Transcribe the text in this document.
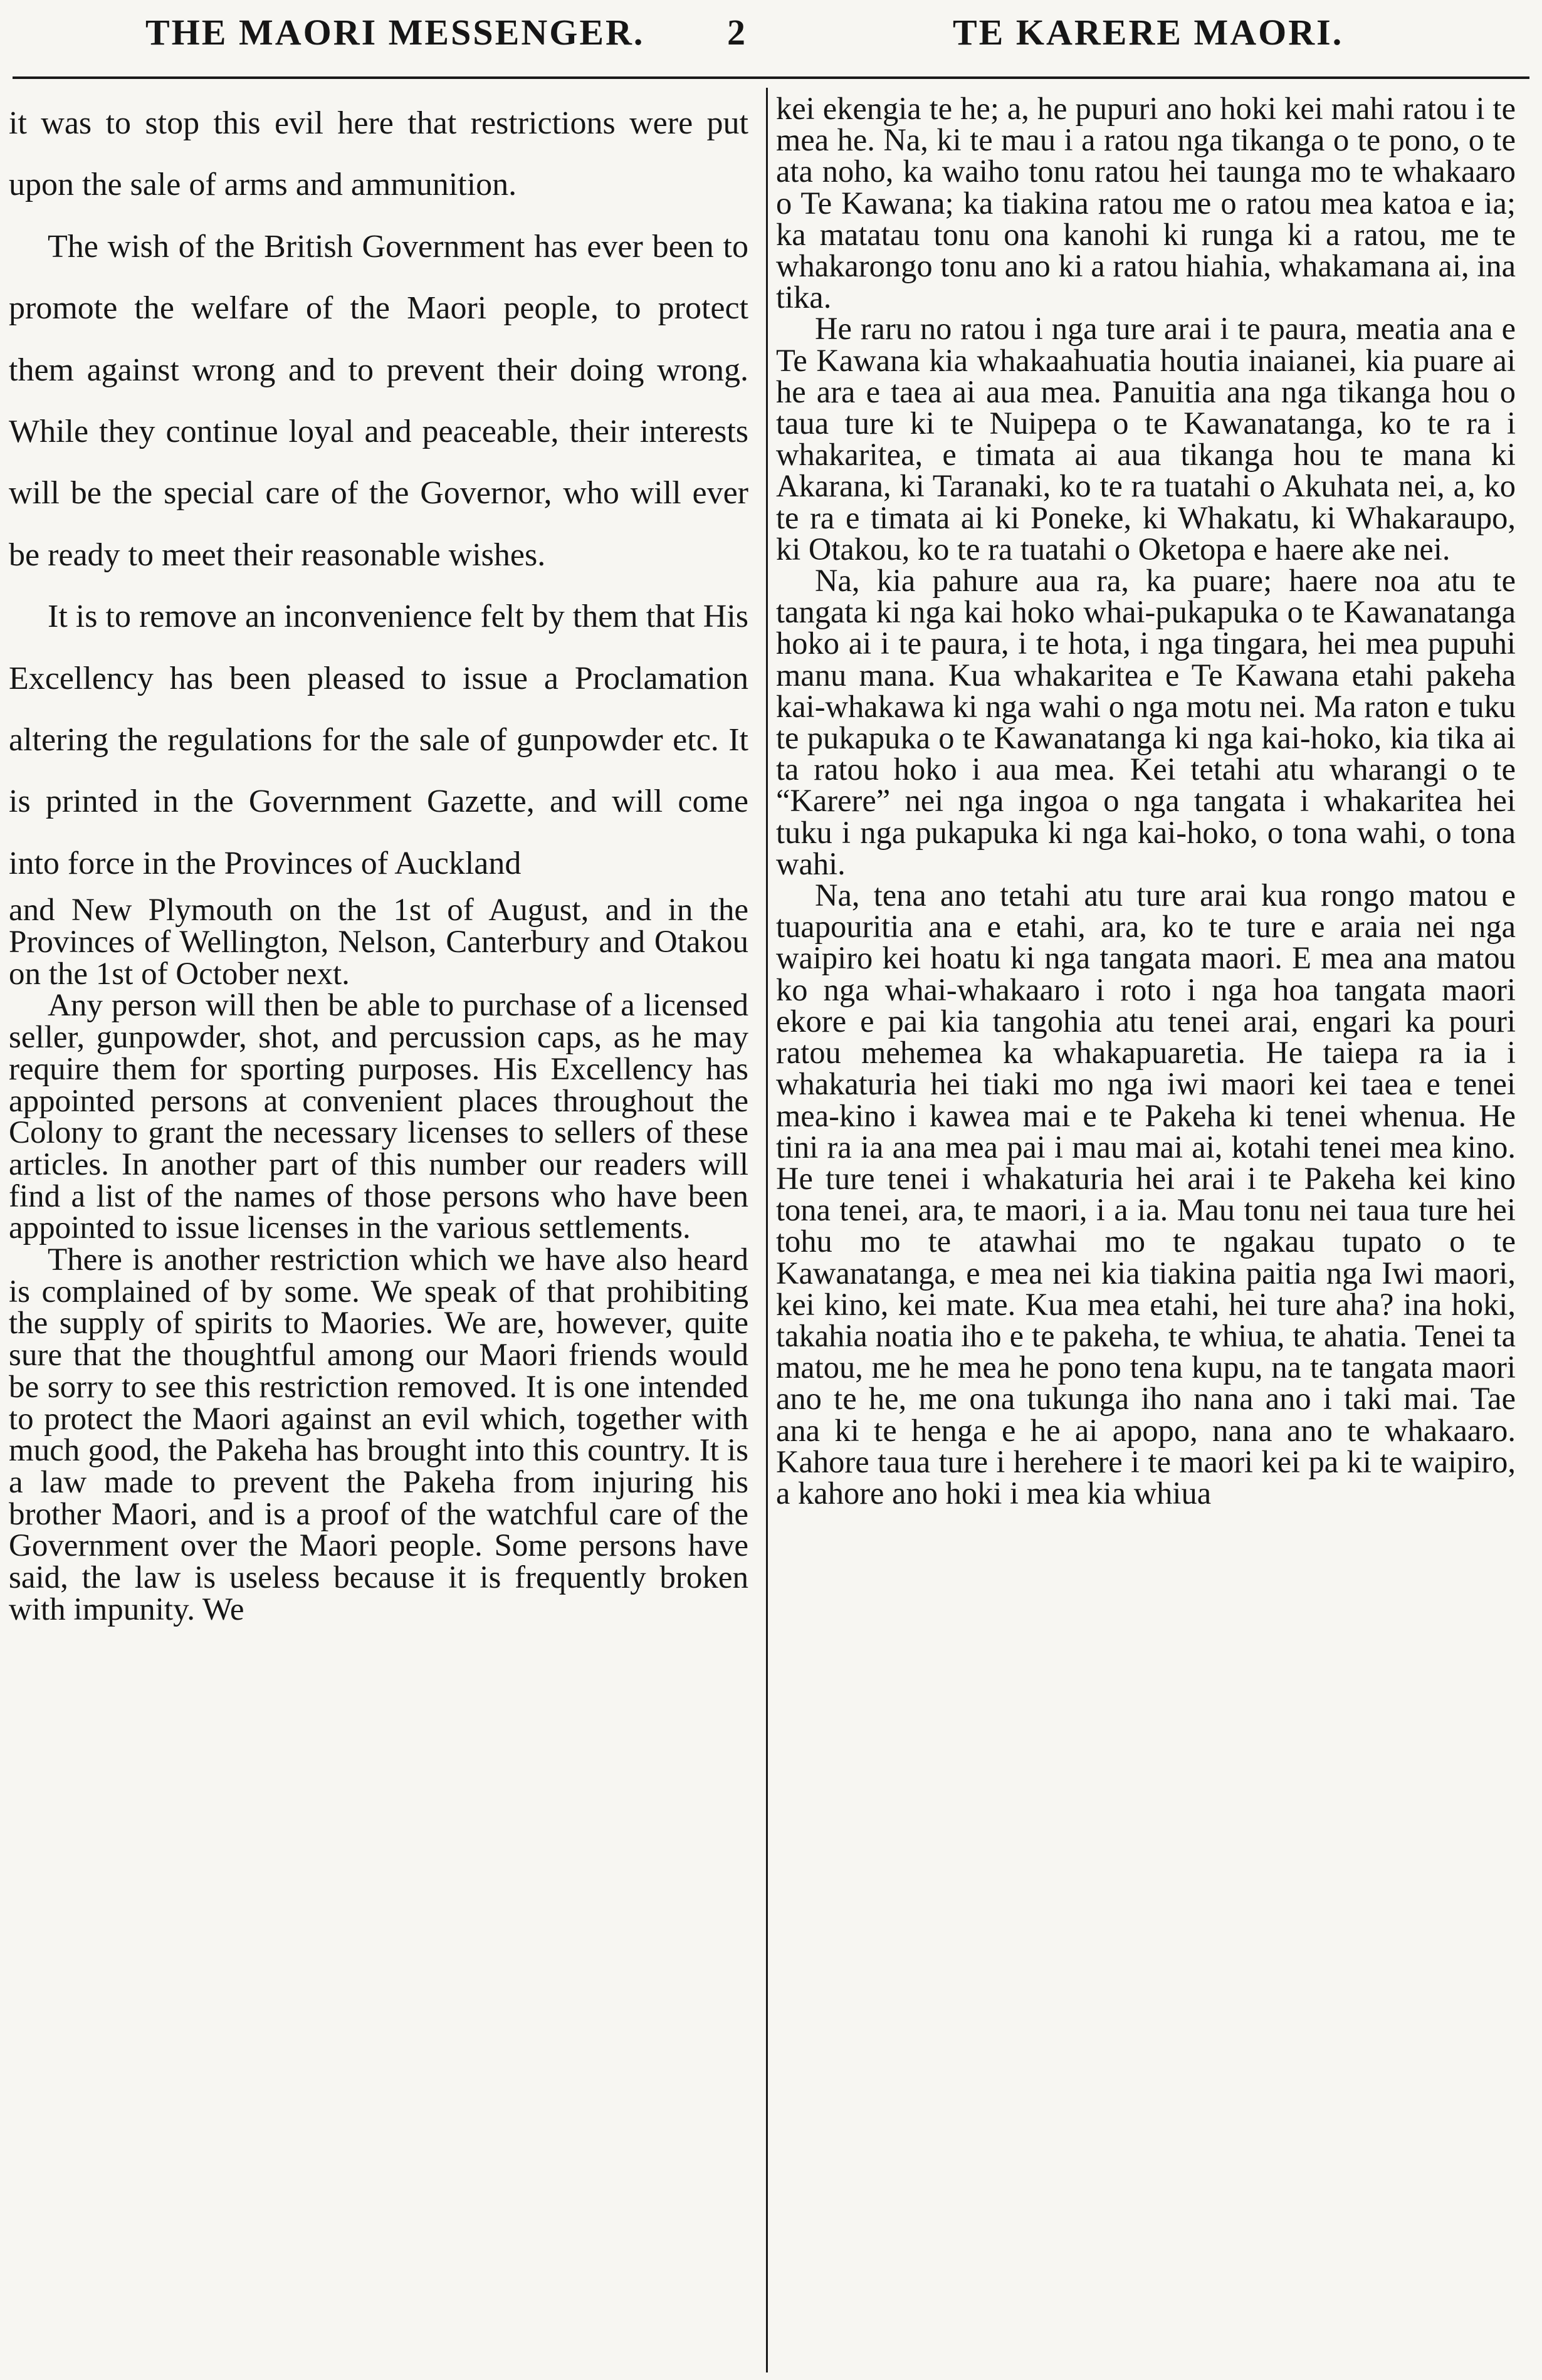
THE MAORI MESSENGER. 2	TE KARERE MAORI.

it was to stop this evil here that restrictions were put upon the sale of arms and ammunition.

The wish of the British Government has ever been to promote the welfare of the Maori people, to protect them against wrong and to prevent their doing wrong. While they continue loyal and peaceable, their interests will be the special care of the Governor, who will ever be ready to meet their reasonable wishes.

It is to remove an inconvenience felt by them that His Excellency has been pleased to issue a Proclamation altering the regulations for the sale of gunpowder etc. It is printed in the Government Gazette, and will come into force in the Provinces of Auckland

and New Plymouth on the 1st of August, and in the Provinces of Wellington, Nelson, Canterbury and Otakou on the 1st of October next.

Any person will then be able to purchase of a licensed seller, gunpowder, shot, and percussion caps, as he may require them for sporting purposes. His Excellency has appointed persons at convenient places throughout the Colony to grant the necessary licenses to sellers of these articles. In another part of this number our readers will find a list of the names of those persons who have been appointed to issue licenses in the various settlements.

There is another restriction which we have also heard is complained of by some. We speak of that prohibiting the supply of spirits to Maories. We are, however, quite sure that the thoughtful among our Maori friends would be sorry to see this restriction removed. It is one intended to protect the Maori against an evil which, together with much good, the Pakeha has brought into this country. It is a law made to prevent the Pakeha from injuring his brother Maori, and is a proof of the watchful care of the Government over the Maori people. Some persons have said, the law is useless because it is frequently broken with impunity. We

kei ekengia te he; a, he pupuri ano hoki kei mahi ratou i te mea he. Na, ki te mau i a ratou nga tikanga o te pono, o te ata noho, ka waiho tonu ratou hei taunga mo te whakaaro o Te Kawana; ka tiakina ratou me o ratou mea katoa e ia; ka matatau tonu ona kanohi ki runga ki a ratou, me te whakarongo tonu ano ki a ratou hiahia, whakamana ai, ina tika.

He raru no ratou i nga ture arai i te paura, meatia ana e Te Kawana kia whakaahuatia houtia inaianei, kia puare ai he ara e taea ai aua mea. Panuitia ana nga tikanga hou o taua ture ki te Nuipepa o te Kawanatanga, ko te ra i whakaritea, e timata ai aua tikanga hou te mana ki Akarana, ki Taranaki, ko te ra tuatahi o Akuhata nei, a, ko te ra e timata ai ki Poneke, ki Whakatu, ki Whakaraupo, ki Otakou, ko te ra tuatahi o Oketopa e haere ake nei.

Na, kia pahure aua ra, ka puare; haere noa atu te tangata ki nga kai hoko whai-pukapuka o te Kawanatanga hoko ai i te paura, i te hota, i nga tingara, hei mea pupuhi manu mana. Kua whakaritea e Te Kawana etahi pakeha kai-whakawa ki nga wahi o nga motu nei. Ma raton e tuku te pukapuka o te Kawanatanga ki nga kai-hoko, kia tika ai ta ratou hoko i aua mea. Kei tetahi atu wharangi o te “Karere” nei nga ingoa o nga tangata i whakaritea hei tuku i nga pukapuka ki nga kai-hoko, o tona wahi, o tona wahi.

Na, tena ano tetahi atu ture arai kua rongo matou e tuapouritia ana e etahi, ara, ko te ture e araia nei nga waipiro kei hoatu ki nga tangata maori. E mea ana matou ko nga whai-whakaaro i roto i nga hoa tangata maori ekore e pai kia tangohia atu tenei arai, engari ka pouri ratou mehemea ka whakapuaretia. He taiepa ra ia i whakaturia hei tiaki mo nga iwi maori kei taea e tenei mea-kino i kawea mai e te Pakeha ki tenei whenua. He tini ra ia ana mea pai i mau mai ai, kotahi tenei mea kino. He ture tenei i whakaturia hei arai i te Pakeha kei kino tona tenei, ara, te maori, i a ia. Mau tonu nei taua ture hei tohu mo te atawhai mo te ngakau tupato o te Kawanatanga, e mea nei kia tiakina paitia nga Iwi maori, kei kino, kei mate. Kua mea etahi, hei ture aha? ina hoki, takahia noatia iho e te pakeha, te whiua, te ahatia. Tenei ta matou, me he mea he pono tena kupu, na te tangata maori ano te he, me ona tukunga iho nana ano i taki mai. Tae ana ki te henga e he ai apopo, nana ano te whakaaro. Kahore taua ture i herehere i te maori kei pa ki te waipiro, a kahore ano hoki i mea kia whiua
